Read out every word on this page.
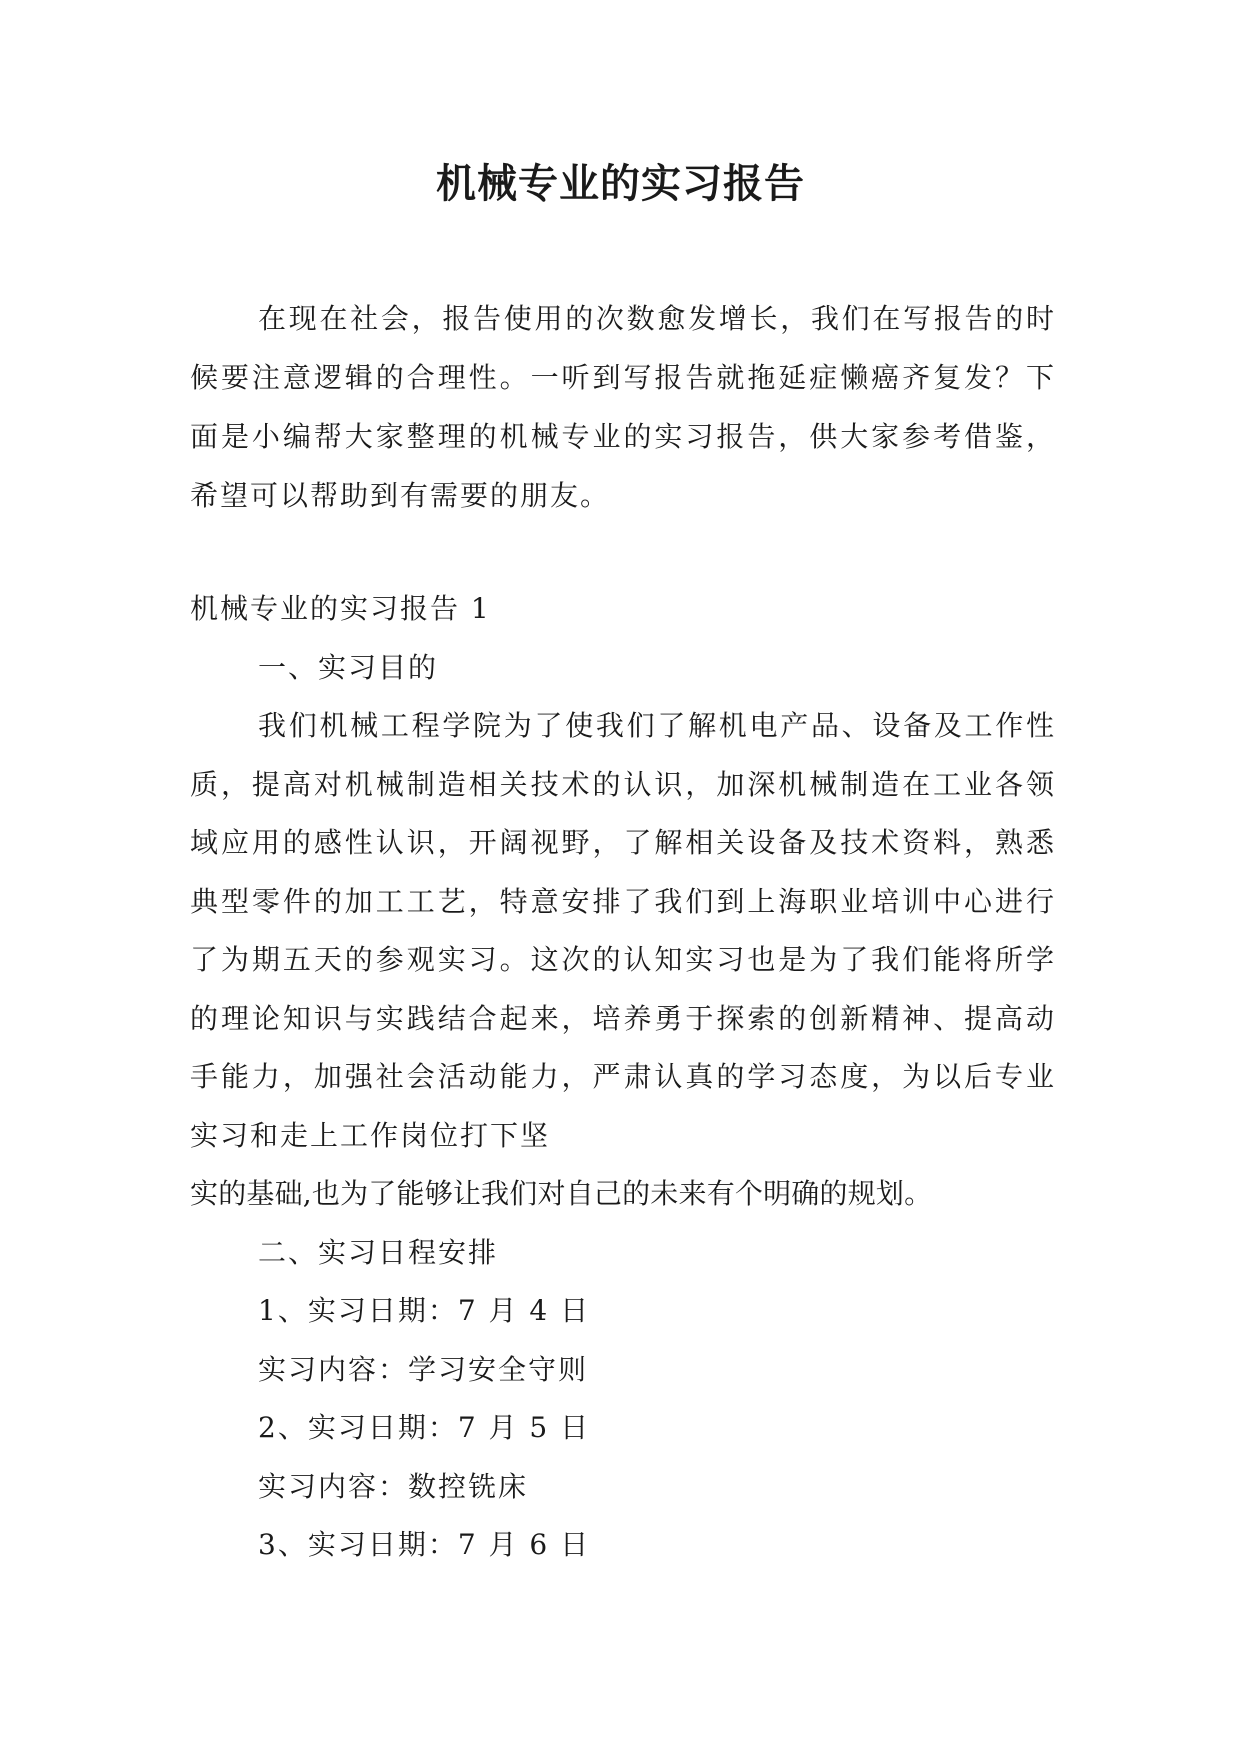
机械专业的实习报告

在现在社会，报告使用的次数愈发增长，我们在写报告的时候要注意逻辑的合理性。一听到写报告就拖延症懒癌齐复发？下面是小编帮大家整理的机械专业的实习报告，供大家参考借鉴，希望可以帮助到有需要的朋友。

机械专业的实习报告 1

一、实习目的

我们机械工程学院为了使我们了解机电产品、设备及工作性质，提高对机械制造相关技术的认识，加深机械制造在工业各领域应用的感性认识，开阔视野，了解相关设备及技术资料，熟悉典型零件的加工工艺，特意安排了我们到上海职业培训中心进行了为期五天的参观实习。这次的认知实习也是为了我们能将所学的理论知识与实践结合起来，培养勇于探索的创新精神、提高动手能力，加强社会活动能力，严肃认真的学习态度，为以后专业实习和走上工作岗位打下坚

实的基础,也为了能够让我们对自己的未来有个明确的规划。

二、实习日程安排

1、实习日期：7 月 4 日

实习内容：学习安全守则

2、实习日期：7 月 5 日

实习内容：数控铣床

3、实习日期：7 月 6 日
